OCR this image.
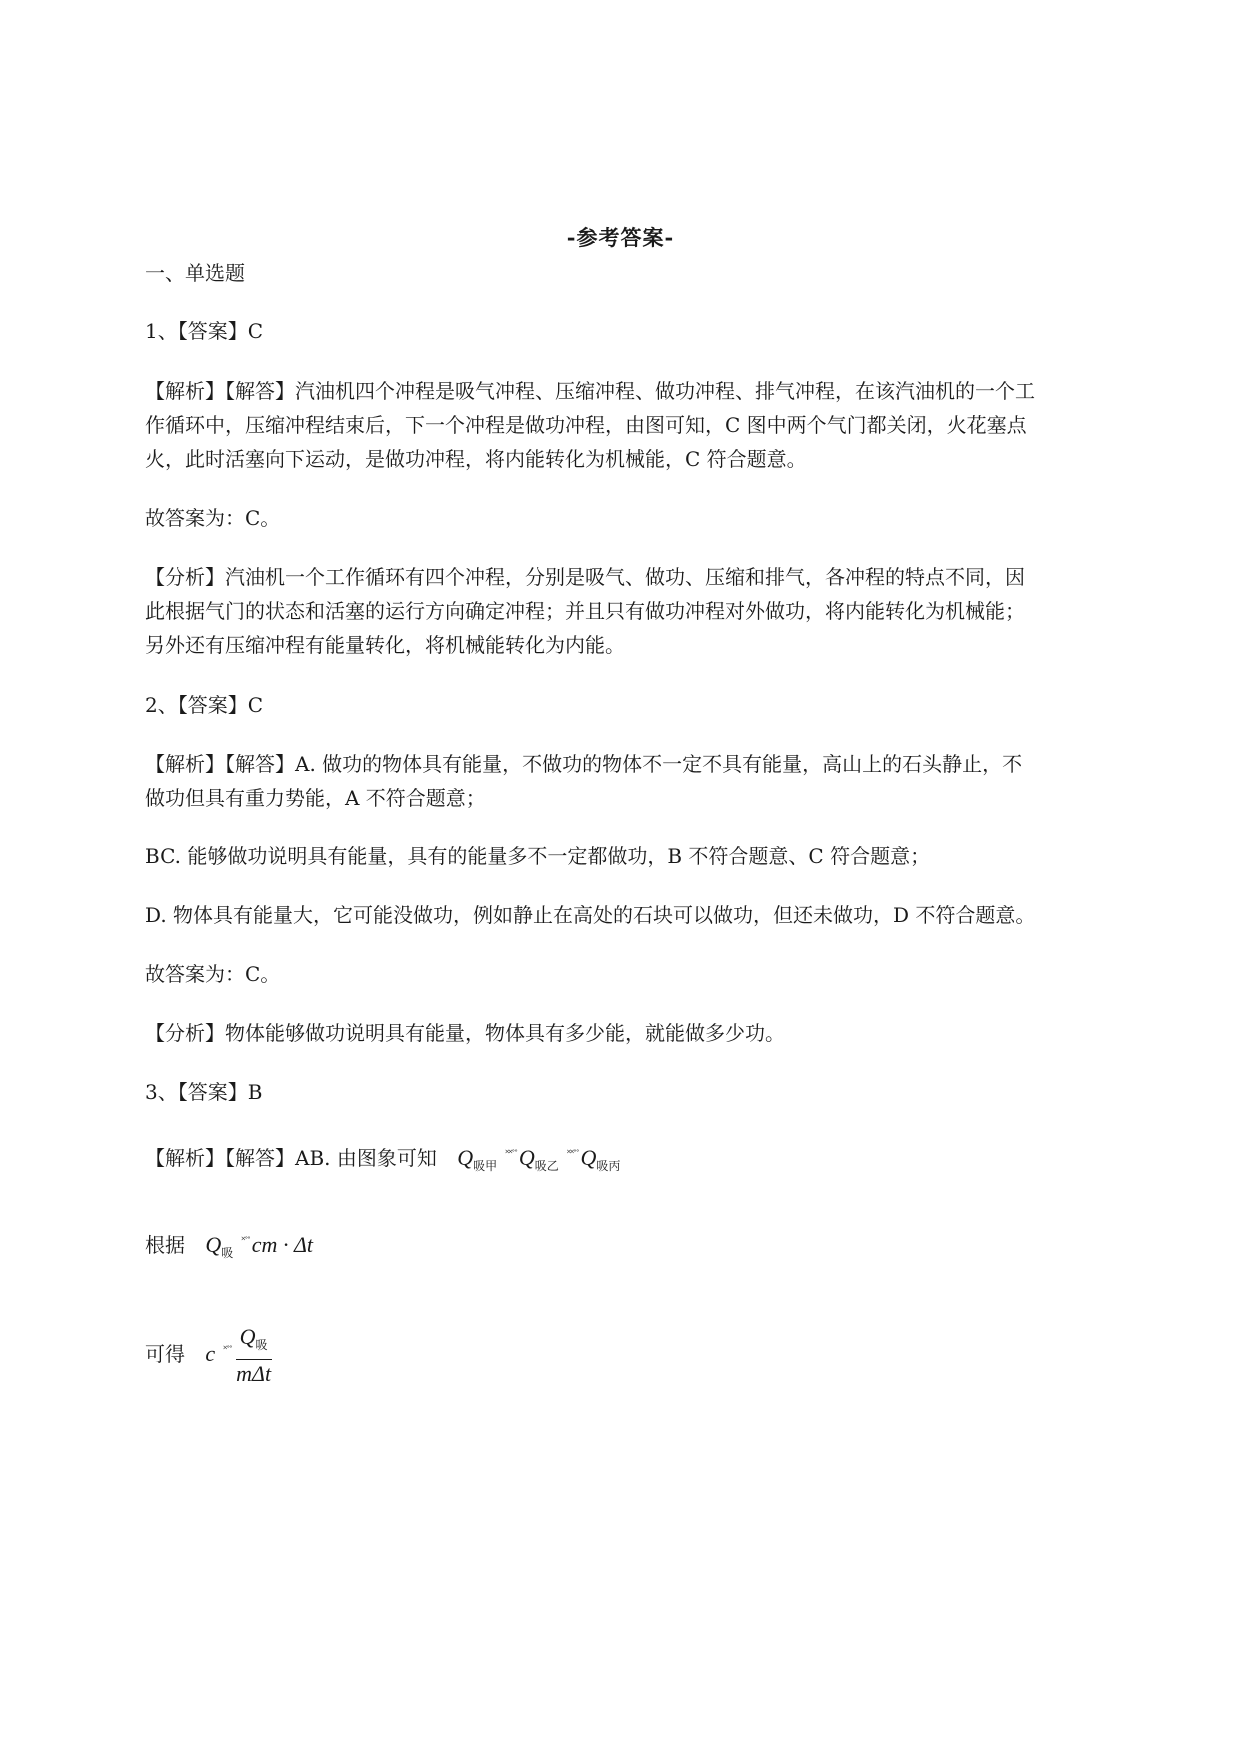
-参考答案-
一、单选题
1、【答案】C
【解析】【解答】汽油机四个冲程是吸气冲程、压缩冲程、做功冲程、排气冲程，在该汽油机的一个工
作循环中，压缩冲程结束后，下一个冲程是做功冲程，由图可知，C 图中两个气门都关闭，火花塞点
火，此时活塞向下运动，是做功冲程，将内能转化为机械能，C 符合题意。
故答案为：C。
【分析】汽油机一个工作循环有四个冲程，分别是吸气、做功、压缩和排气，各冲程的特点不同，因
此根据气门的状态和活塞的运行方向确定冲程；并且只有做功冲程对外做功，将内能转化为机械能；
另外还有压缩冲程有能量转化，将机械能转化为内能。
2、【答案】C
【解析】【解答】A. 做功的物体具有能量，不做功的物体不一定不具有能量，高山上的石头静止，不
做功但具有重力势能，A 不符合题意；
BC. 能够做功说明具有能量，具有的能量多不一定都做功，B 不符合题意、C 符合题意；
D. 物体具有能量大，它可能没做功，例如静止在高处的石块可以做功，但还未做功，D 不符合题意。
故答案为：C。
【分析】物体能够做功说明具有能量，物体具有多少能，就能做多少功。
3、【答案】B
【解析】【解答】AB. 由图象可知 $Q_{吸甲}^{˟˟˚˚}Q_{吸乙}^{˟˟˚˚}Q_{吸丙}$
根据 $Q_吸^{˟˚˚}cm \cdot \Delta t$
可得 c $^{˟˚˚} \frac{Q_吸}{\text{mΔt}}$
